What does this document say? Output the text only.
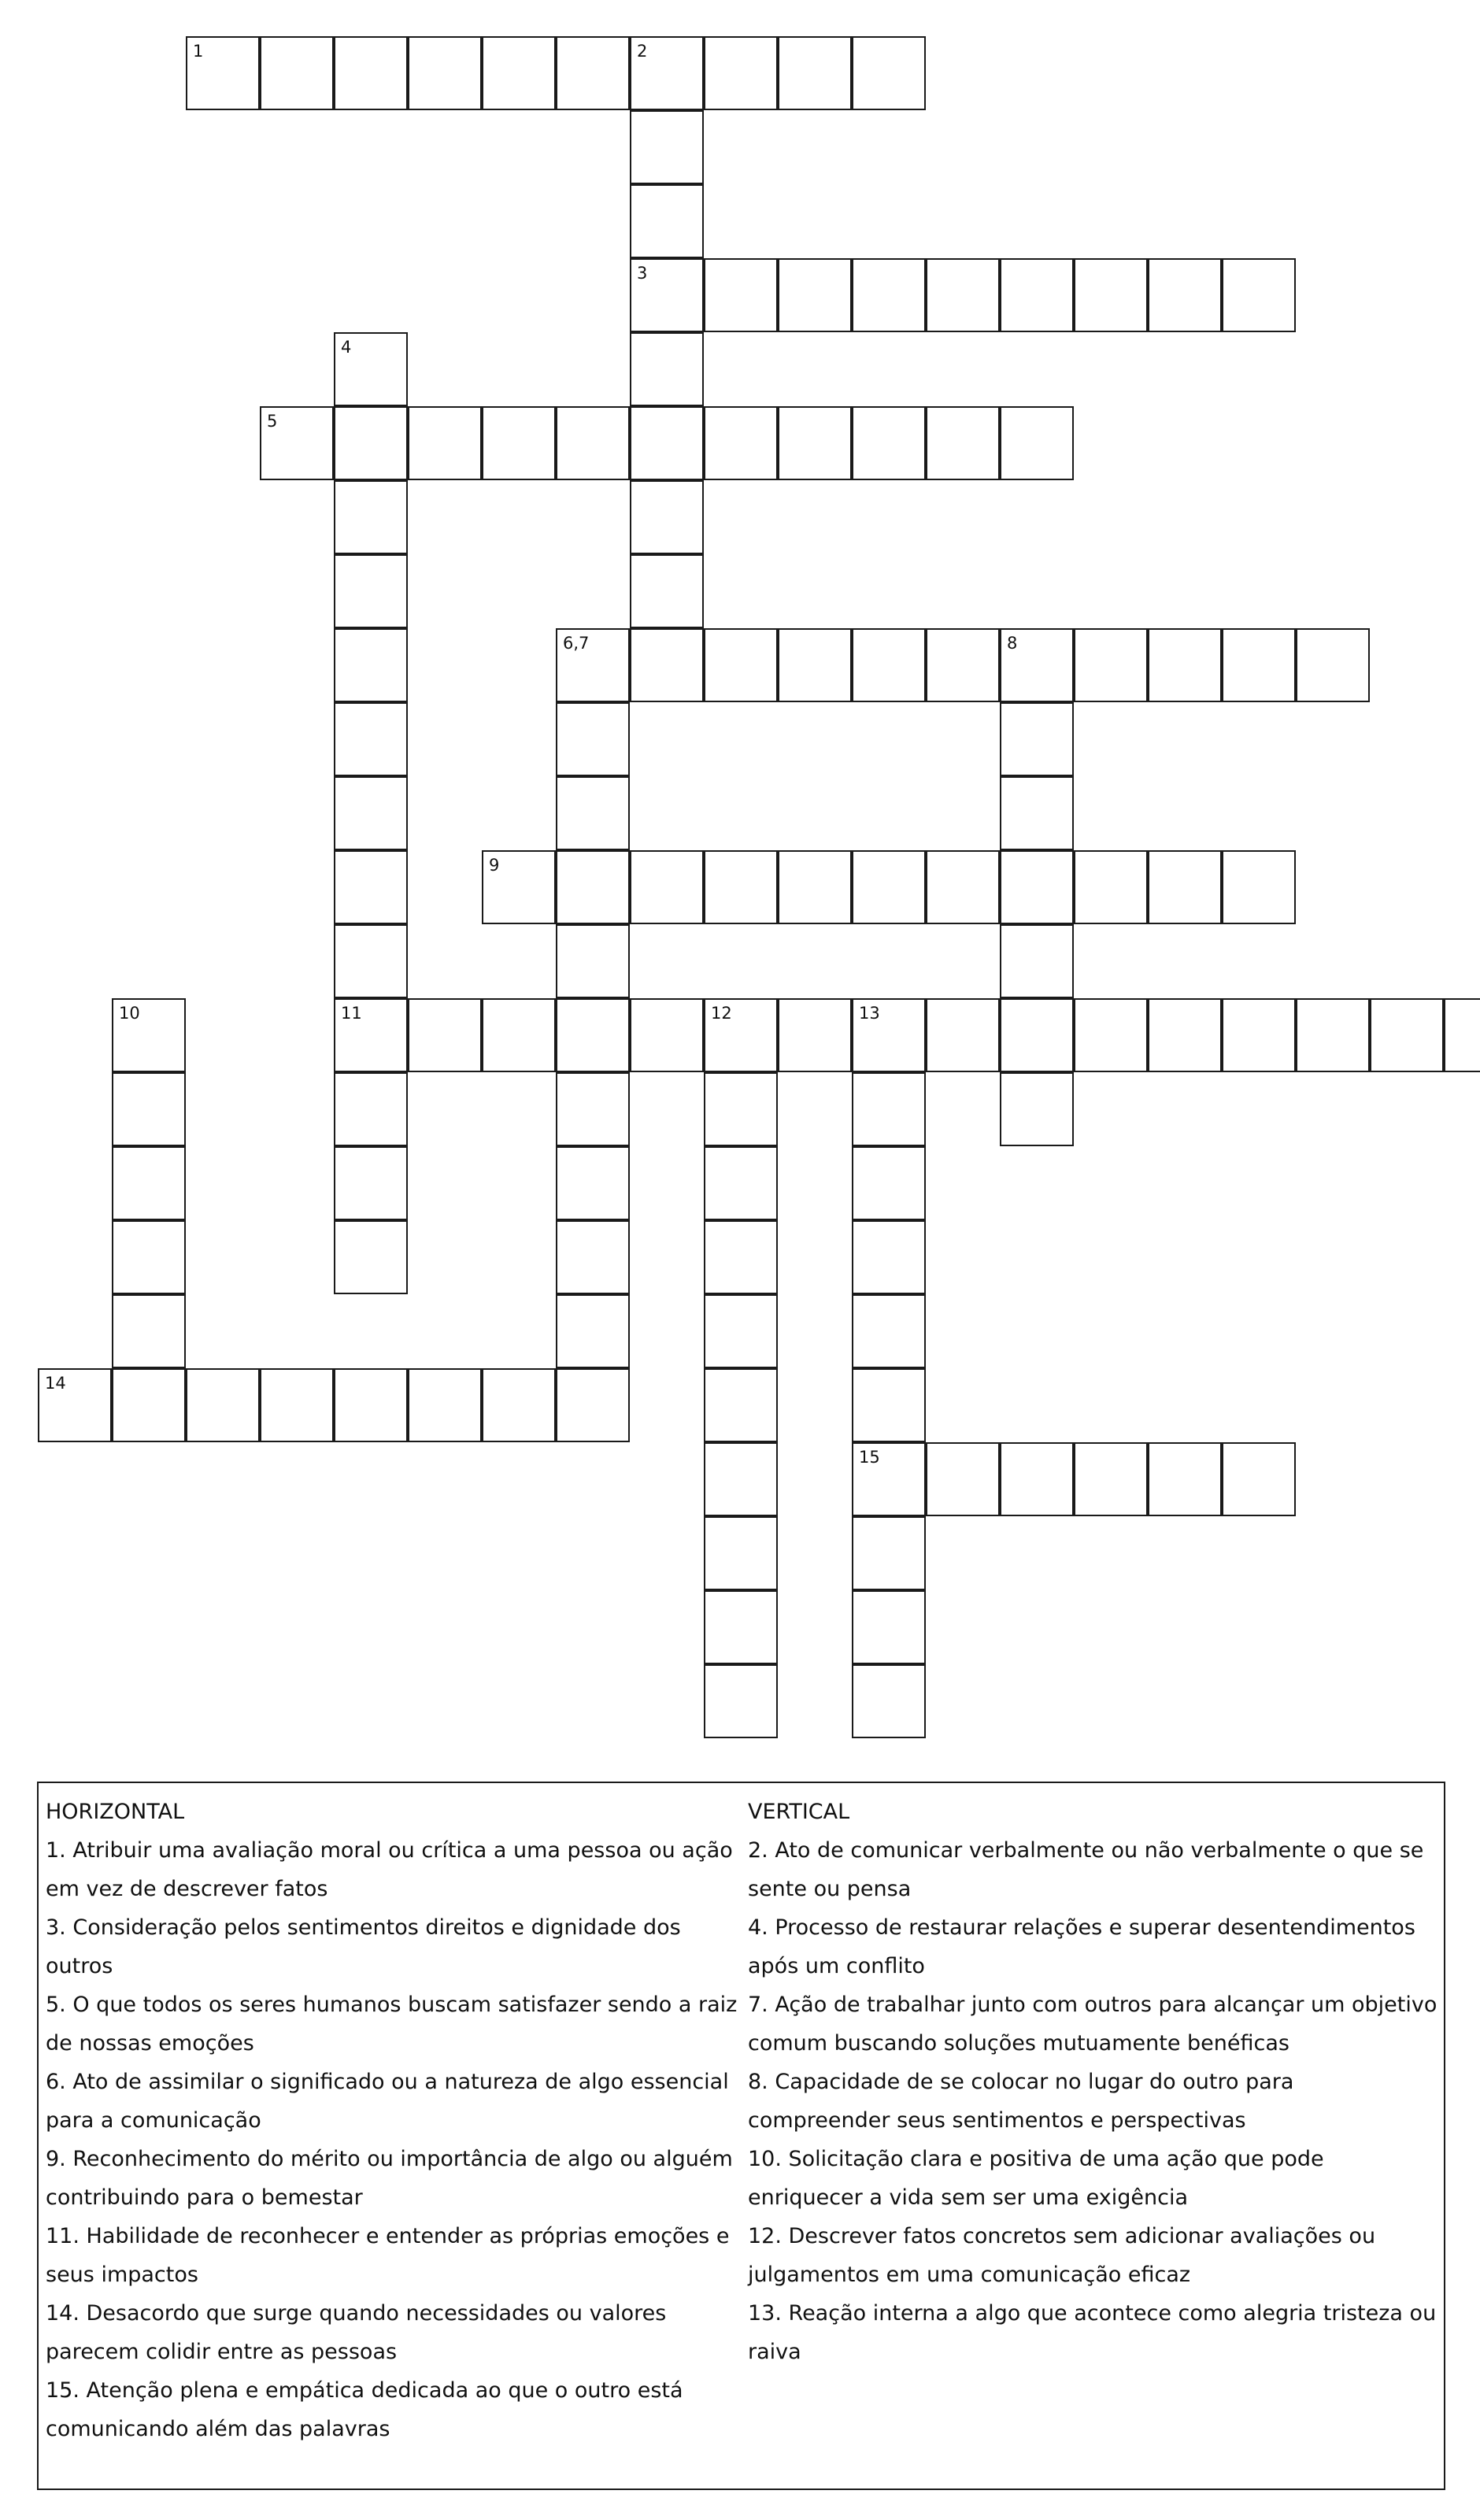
1	2
3
4
5
6,7	8
9
10	11	12	13
14
15
HORIZONTAL
1. Atribuir uma avaliação moral ou crítica a uma pessoa ou ação em vez de descrever fatos
3. Consideração pelos sentimentos direitos e dignidade dos outros
5. O que todos os seres humanos buscam satisfazer sendo a raiz de nossas emoções
6. Ato de assimilar o significado ou a natureza de algo essencial para a comunicação
9. Reconhecimento do mérito ou importância de algo ou alguém contribuindo para o bemestar
11. Habilidade de reconhecer e entender as próprias emoções e seus impactos
14. Desacordo que surge quando necessidades ou valores parecem colidir entre as pessoas
15. Atenção plena e empática dedicada ao que o outro está comunicando além das palavras
VERTICAL
2. Ato de comunicar verbalmente ou não verbalmente o que se sente ou pensa
4. Processo de restaurar relações e superar desentendimentos após um conflito
7. Ação de trabalhar junto com outros para alcançar um objetivo comum buscando soluções mutuamente benéficas
8. Capacidade de se colocar no lugar do outro para compreender seus sentimentos e perspectivas
10. Solicitação clara e positiva de uma ação que pode enriquecer a vida sem ser uma exigência
12. Descrever fatos concretos sem adicionar avaliações ou julgamentos em uma comunicação eficaz
13. Reação interna a algo que acontece como alegria tristeza ou raiva
